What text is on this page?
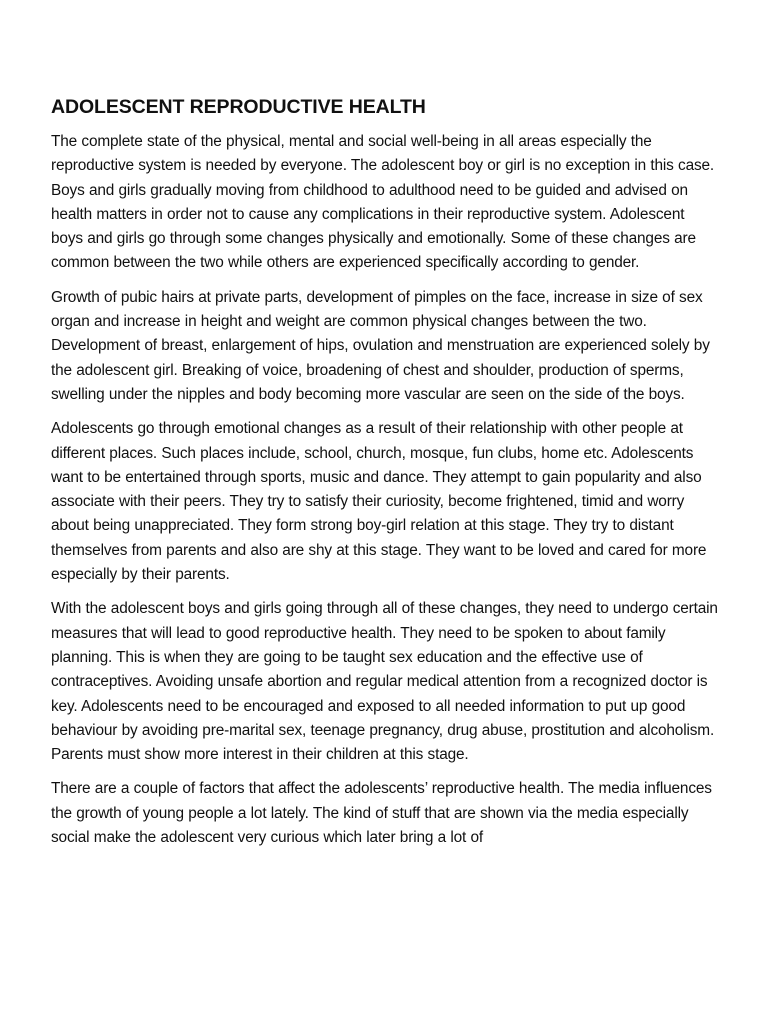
ADOLESCENT REPRODUCTIVE HEALTH

The complete state of the physical, mental and social well-being in all areas especially the reproductive system is needed by everyone. The adolescent boy or girl is no exception in this case. Boys and girls gradually moving from childhood to adulthood need to be guided and advised on health matters in order not to cause any complications in their reproductive system. Adolescent boys and girls go through some changes physically and emotionally. Some of these changes are common between the two while others are experienced specifically according to gender.

Growth of pubic hairs at private parts, development of pimples on the face, increase in size of sex organ and increase in height and weight are common physical changes between the two. Development of breast, enlargement of hips, ovulation and menstruation are experienced solely by the adolescent girl. Breaking of voice, broadening of chest and shoulder, production of sperms, swelling under the nipples and body becoming more vascular are seen on the side of the boys.

Adolescents go through emotional changes as a result of their relationship with other people at different places. Such places include, school, church, mosque, fun clubs, home etc. Adolescents want to be entertained through sports, music and dance. They attempt to gain popularity and also associate with their peers. They try to satisfy their curiosity, become frightened, timid and worry about being unappreciated. They form strong boy-girl relation at this stage. They try to distant themselves from parents and also are shy at this stage. They want to be loved and cared for more especially by their parents.

With the adolescent boys and girls going through all of these changes, they need to undergo certain measures that will lead to good reproductive health. They need to be spoken to about family planning. This is when they are going to be taught sex education and the effective use of contraceptives. Avoiding unsafe abortion and regular medical attention from a recognized doctor is key. Adolescents need to be encouraged and exposed to all needed information to put up good behaviour by avoiding pre-marital sex, teenage pregnancy, drug abuse, prostitution and alcoholism. Parents must show more interest in their children at this stage.

There are a couple of factors that affect the adolescents’ reproductive health. The media influences the growth of young people a lot lately. The kind of stuff that are shown via the media especially social make the adolescent very curious which later bring a lot of
